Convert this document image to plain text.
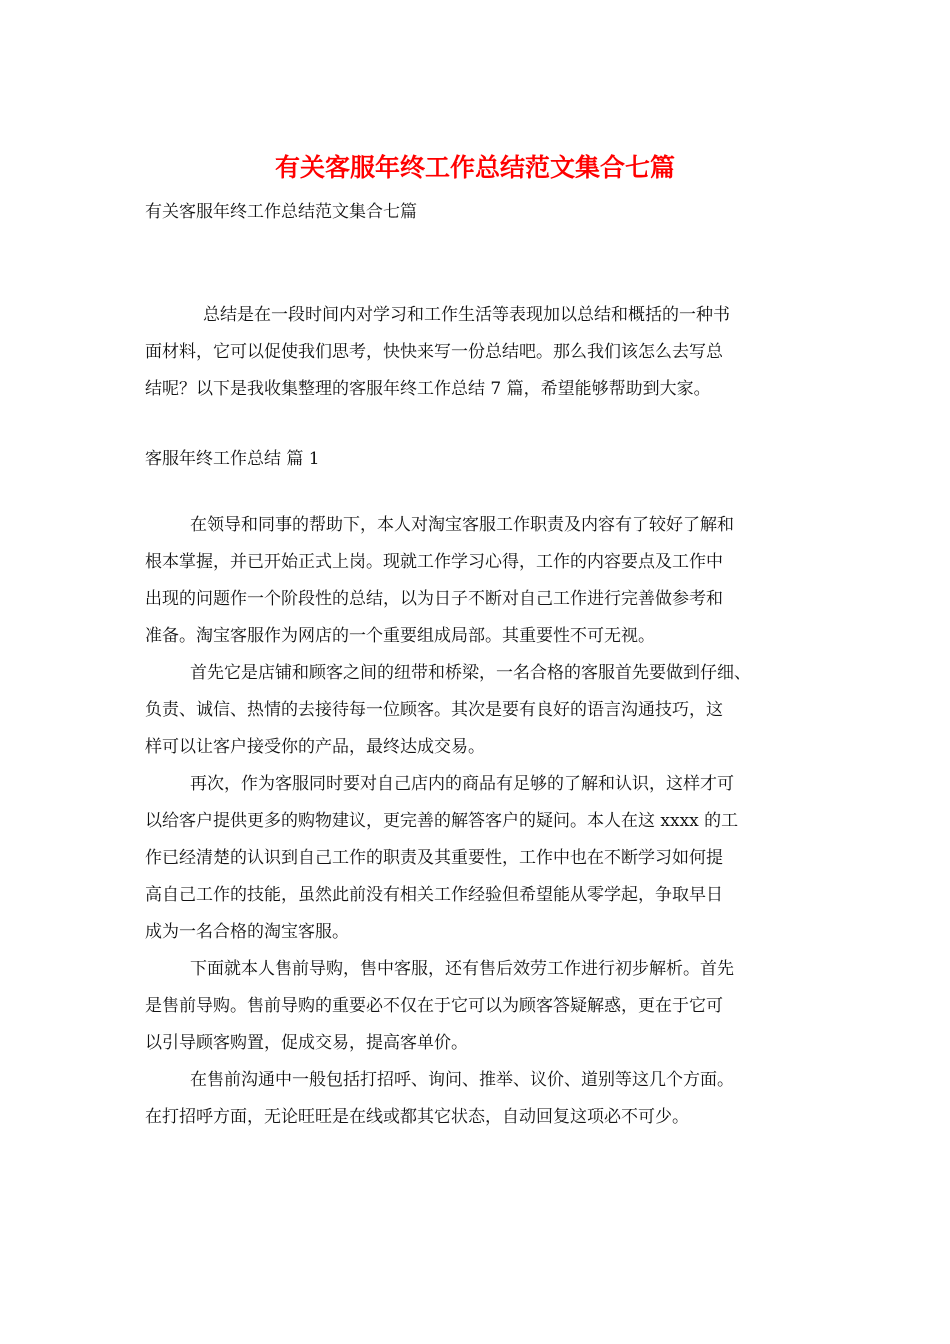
有关客服年终工作总结范文集合七篇

有关客服年终工作总结范文集合七篇

总结是在一段时间内对学习和工作生活等表现加以总结和概括的一种书
面材料，它可以促使我们思考，快快来写一份总结吧。那么我们该怎么去写总
结呢？以下是我收集整理的客服年终工作总结 7 篇，希望能够帮助到大家。

客服年终工作总结 篇 1

在领导和同事的帮助下，本人对淘宝客服工作职责及内容有了较好了解和
根本掌握，并已开始正式上岗。现就工作学习心得，工作的内容要点及工作中
出现的问题作一个阶段性的总结，以为日子不断对自己工作进行完善做参考和
准备。淘宝客服作为网店的一个重要组成局部。其重要性不可无视。
首先它是店铺和顾客之间的纽带和桥梁，一名合格的客服首先要做到仔细、
负责、诚信、热情的去接待每一位顾客。其次是要有良好的语言沟通技巧，这
样可以让客户接受你的产品，最终达成交易。
再次，作为客服同时要对自己店内的商品有足够的了解和认识，这样才可
以给客户提供更多的购物建议，更完善的解答客户的疑问。本人在这 xxxx 的工
作已经清楚的认识到自己工作的职责及其重要性，工作中也在不断学习如何提
高自己工作的技能，虽然此前没有相关工作经验但希望能从零学起，争取早日
成为一名合格的淘宝客服。
下面就本人售前导购，售中客服，还有售后效劳工作进行初步解析。首先
是售前导购。售前导购的重要必不仅在于它可以为顾客答疑解惑，更在于它可
以引导顾客购置，促成交易，提高客单价。
在售前沟通中一般包括打招呼、询问、推举、议价、道别等这几个方面。
在打招呼方面，无论旺旺是在线或都其它状态，自动回复这项必不可少。
